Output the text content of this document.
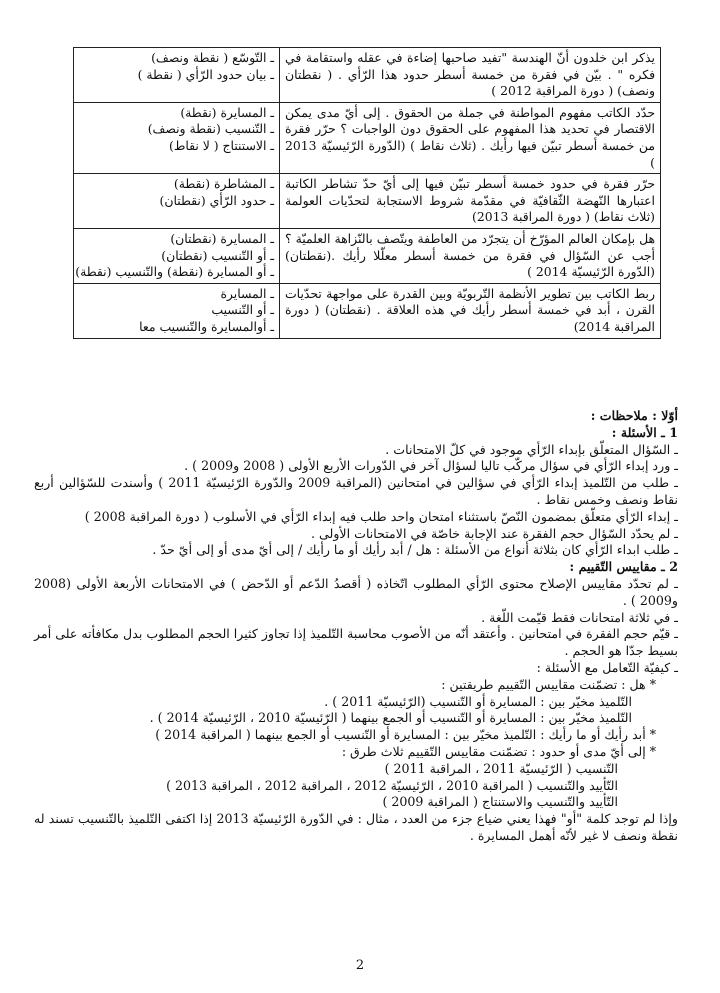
يذكر ابن خلدون أنّ الهندسة "تفيد صاحبها إضاءة في عقله واستقامة في فكره " . بيّن في فقرة من خمسة أسطر حدود هذا الرّأي . ( نقطتان ونصف) ( دورة المراقبة 2012 )	ـ التّوسّع ( نقطة ونصف)
ـ بيان حدود الرّأي ( نقطة )

حدّد الكاتب مفهوم المواطنة في جملة من الحقوق . إلى أيّ مدى يمكن الاقتصار في تحديد هذا المفهوم على الحقوق دون الواجبات ؟ حرّر فقرة من خمسة أسطر تبيّن فيها رأيك . (ثلاث نقاط ) (الدّورة الرّئيسيّة 2013 )	ـ المسايرة (نقطة)
ـ التّنسيب (نقطة ونصف)
ـ الاستنتاج ( لا نقاط)

حرّر فقرة في حدود خمسة أسطر تبيّن فيها إلى أيّ حدّ تشاطر الكاتبة اعتبارها النّهضة الثّقافيّة في مقدّمة شروط الاستجابة لتحدّيات العولمة (ثلاث نقاط) ( دورة المراقبة 2013)	ـ المشاطرة (نقطة)
ـ حدود الرّأي (نقطتان)

هل بإمكان العالم المؤرّخ أن يتجرّد من العاطفة ويتّصف بالنّزاهة العلميّة ؟ أجب عن السّؤال في فقرة من خمسة أسطر معلّلا رأيك .(نقطتان) (الدّورة الرّئيسيّة 2014 )	ـ المسايرة (نقطتان)
ـ أو التّنسيب (نقطتان)
ـ أو المسايرة (نقطة) والتّنسيب (نقطة)

ربط الكاتب بين تطوير الأنظمة التّربويّة وبين القدرة على مواجهة تحدّيات القرن ، أبد في خمسة أسطر رأيك في هذه العلاقة . (نقطتان) ( دورة المراقبة 2014)	ـ المسايرة
ـ أو التّنسيب
ـ أوالمسايرة والتّنسيب معا

أوّلا : ملاحظات :

1 ـ الأسئلة :

ـ السّؤال المتعلّق بإبداء الرّأي موجود في كلّ الامتحانات .

ـ ورد إبداء الرّأي في سؤال مركّب تاليا لسؤال آخر في الدّورات الأربع الأولى ( 2008 و2009 ) .

ـ طلب من التّلميذ إبداء الرّأي في سؤالين في امتحانين (المراقبة 2009 والدّورة الرّئيسيّة 2011 ) وأسندت للسّؤالين أربع نقاط ونصف وخمس نقاط .

ـ إبداء الرّأي متعلّق بمضمون النّصّ باستثناء امتحان واحد طلب فيه إبداء الرّأي في الأسلوب ( دورة المراقبة 2008 )

ـ لم يحدّد السّؤال حجم الفقرة عند الإجابة خاصّة في الامتحانات الأولى .

ـ طلب ابداء الرّأي كان بثلاثة أنواع من الأسئلة : هل / أبد رأيك أو ما رأيك / إلى أيّ مدى أو إلى أيّ حدّ .

2 ـ مقاييس التّقييم :

ـ لم تحدّد مقاييس الإصلاح محتوى الرّأي المطلوب اتّخاذه ( أقصدُ الدّعم أو الدّحض ) في الامتحانات الأربعة الأولى (2008 و2009 ) .

ـ في ثلاثة امتحانات فقط قيّمت اللّغة .

ـ قيّم حجم الفقرة في امتحانين . وأعتقد أنّه من الأصوب محاسبة التّلميذ إذا تجاوز كثيرا الحجم المطلوب بدل مكافأته على أمر بسيط جدّا هو الحجم .

ـ كيفيّة التّعامل مع الأسئلة :

* هل : تضمّنت مقاييس التّقييم طريقتين :

التّلميذ مخيّر بين : المسايرة أو التّنسيب (الرّئيسيّة 2011 ) .

التّلميذ مخيّر بين : المسايرة أو التّنسيب أو الجمع بينهما ( الرّئيسيّة 2010 ، الرّئيسيّة 2014 ) .

* أبد رأيك أو ما رأيك : التّلميذ مخيّر بين : المسايرة أو التّنسيب أو الجمع بينهما ( المراقبة 2014 )

* إلى أيّ مدى أو حدود : تضمّنت مقاييس التّقييم ثلاث طرق :

التّنسيب ( الرّئيسيّة 2011 ، المراقبة 2011 )

التّأييد والتّنسيب ( المراقبة 2010 ، الرّئيسيّة 2012 ، المراقبة 2012 ، المراقبة 2013 )

التّأييد والتّنسيب والاستنتاج ( المراقبة 2009 )

وإذا لم توجد كلمة "أو" فهذا يعني ضياع جزء من العدد ، مثال : في الدّورة الرّئيسيّة 2013 إذا اكتفى التّلميذ بالتّنسيب تسند له نقطة ونصف لا غير لأنّه أهمل المسايرة .

2
